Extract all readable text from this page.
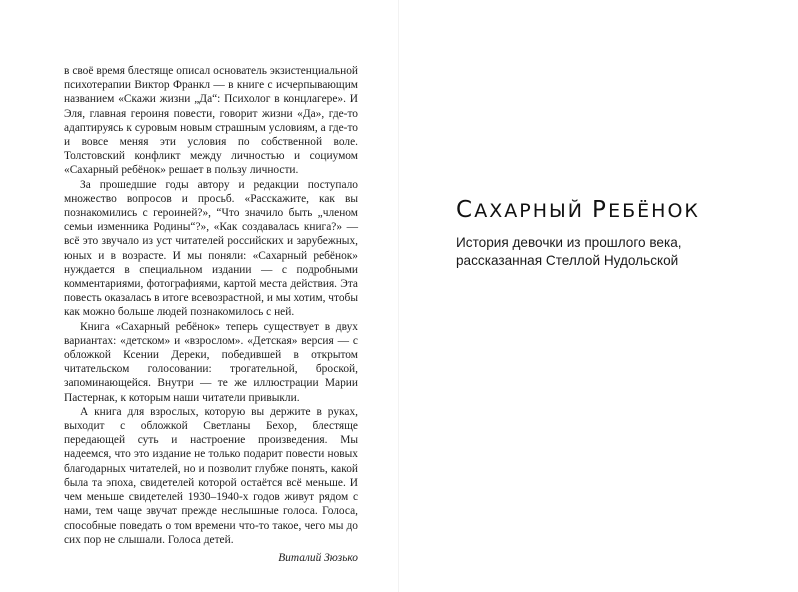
в своё время блестяще описал основатель экзистенциальной психотерапии Виктор Франкл — в книге с исчерпывающим названием «Скажи жизни „Да“: Психолог в концлагере». И Эля, главная героиня повести, говорит жизни «Да», где-то адаптируясь к суровым новым страшным условиям, а где-то и вовсе меняя эти условия по собственной воле. Толстовский конфликт между личностью и социумом «Сахарный ребёнок» решает в пользу личности.

За прошедшие годы автору и редакции поступало множество вопросов и просьб. «Расскажите, как вы познакомились с героиней?», “Что значило быть „членом семьи изменника Родины“?», «Как создавалась книга?» — всё это звучало из уст читателей российских и зарубежных, юных и в возрасте. И мы поняли: «Сахарный ребёнок» нуждается в специальном издании — с подробными комментариями, фотографиями, картой места действия. Эта повесть оказалась в итоге всевозрастной, и мы хотим, чтобы как можно больше людей познакомилось с ней.

Книга «Сахарный ребёнок» теперь существует в двух вариантах: «детском» и «взрослом». «Детская» версия — с обложкой Ксении Дереки, победившей в открытом читательском голосовании: трогательной, броской, запоминающейся. Внутри — те же иллюстрации Марии Пастернак, к которым наши читатели привыкли.

А книга для взрослых, которую вы держите в руках, выходит с обложкой Светланы Бехор, блестяще передающей суть и настроение произведения. Мы надеемся, что это издание не только подарит повести новых благодарных читателей, но и позволит глубже понять, какой была та эпоха, свидетелей которой остаётся всё меньше. И чем меньше свидетелей 1930–1940-х годов живут рядом с нами, тем чаще звучат прежде неслышные голоса. Голоса, способные поведать о том времени что-то такое, чего мы до сих пор не слышали. Голоса детей.

Виталий Зюзько

САХАРНЫЙ РЕБЁНОК

История девочки из прошлого века,
рассказанная Стеллой Нудольской
